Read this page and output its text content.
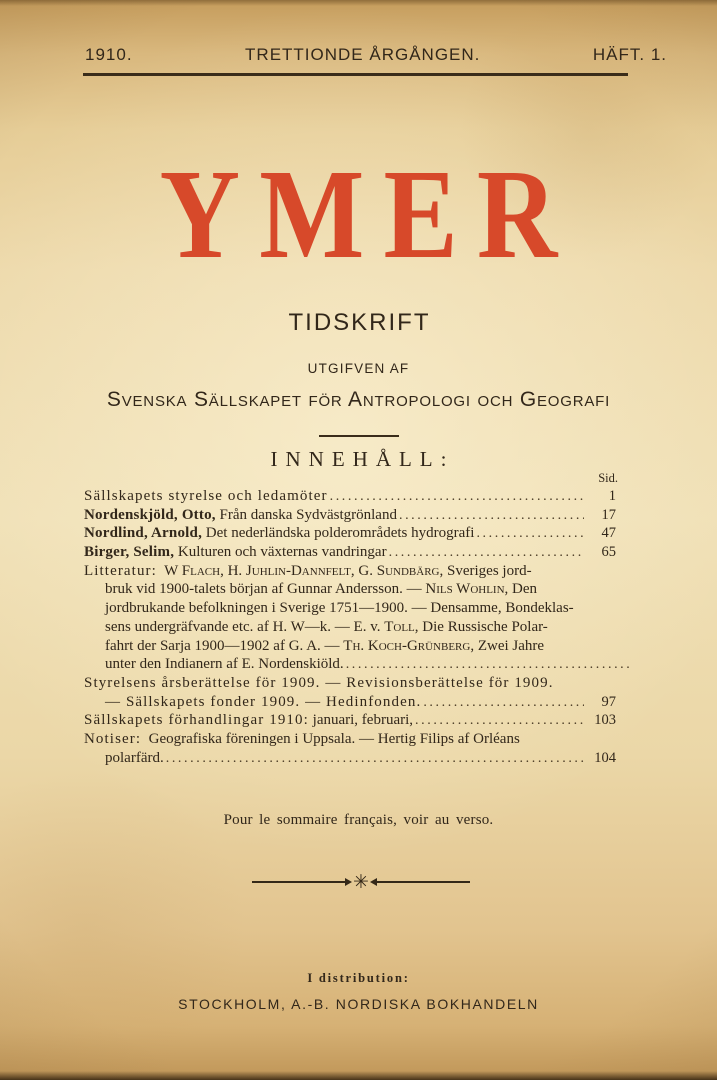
1910.	TRETTIONDE ÅRGÅNGEN.	HÄFT. 1.
YMER
TIDSKRIFT
UTGIFVEN AF
Svenska Sällskapet för Antropologi och Geografi
INNEHÅLL:
Sid.
Sällskapets styrelse och ledamöter .....	1
Nordenskjöld, Otto, Från danska Sydvästgrönland .....	17
Nordlind, Arnold, Det nederländska polderområdets hydrografi .....	47
Birger, Selim, Kulturen och växternas vandringar .....	65
Litteratur:  W Flach, H. Juhlin-Dannfelt, G. Sundbärg, Sveriges jord-
bruk vid 1900-talets början af Gunnar Andersson. — Nils Wohlin, Den
jordbrukande befolkningen i Sverige 1751—1900. — Densamme, Bondeklas-
sens undergräfvande etc. af H. W—k. — E. v. Toll, Die Russische Polar-
fahrt der Sarja 1900—1902 af G. A. — Th. Koch-Grünberg, Zwei Jahre
unter den Indianern af E. Nordenskiöld.
.....
Styrelsens årsberättelse för 1909. — Revisionsberättelse för 1909.
— Sällskapets fonder 1909. — Hedinfonden. .....	97
Sällskapets förhandlingar 1910: januari, februari, .....	103
Notiser:  Geografiska föreningen i Uppsala. — Hertig Filips af Orléans
polarfärd. .....	104
Pour le sommaire français, voir au verso.
✳
I distribution:
STOCKHOLM, A.-B. NORDISKA BOKHANDELN
